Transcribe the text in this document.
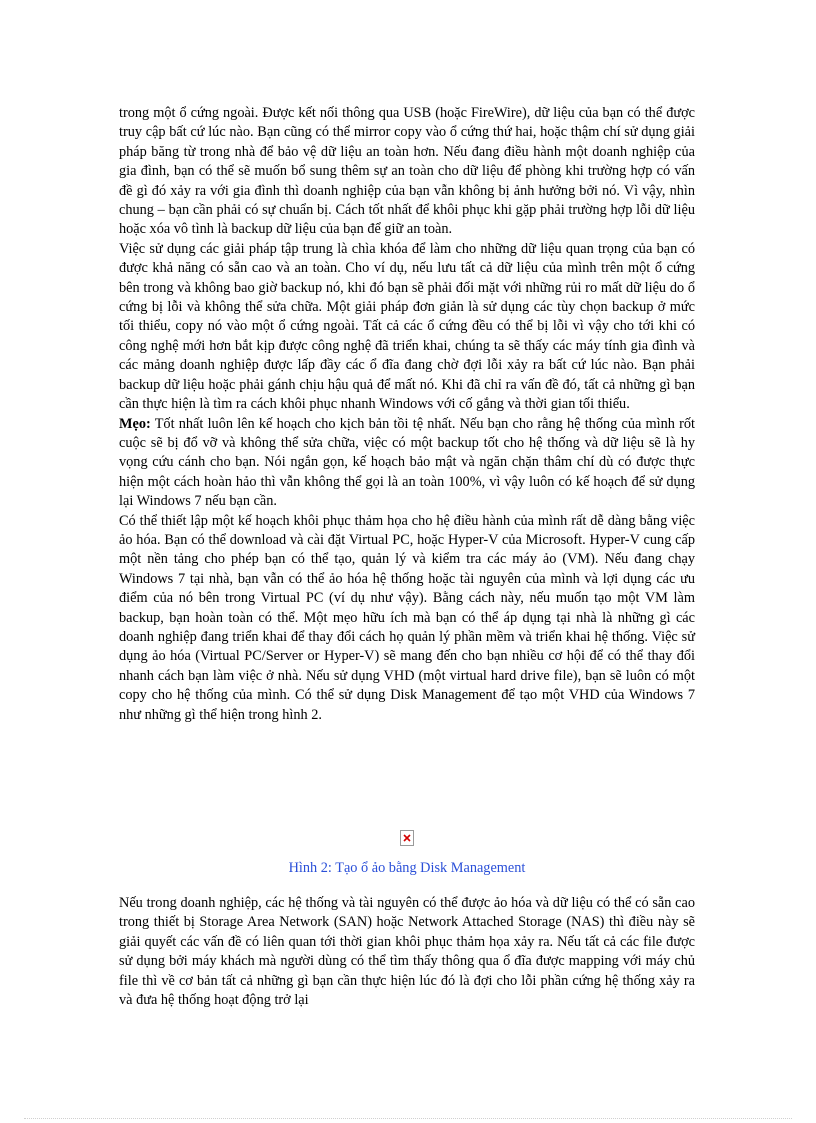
trong một ổ cứng ngoài. Được kết nối thông qua USB (hoặc FireWire), dữ liệu của bạn có thể được truy cập bất cứ lúc nào. Bạn cũng có thể mirror copy vào ổ cứng thứ hai, hoặc thậm chí sử dụng giải pháp băng từ trong nhà để bảo vệ dữ liệu an toàn hơn. Nếu đang điều hành một doanh nghiệp của gia đình, bạn có thể sẽ muốn bổ sung thêm sự an toàn cho dữ liệu để phòng khi trường hợp có vấn đề gì đó xảy ra với gia đình thì doanh nghiệp của bạn vẫn không bị ảnh hưởng bởi nó. Vì vậy, nhìn chung – bạn cần phải có sự chuẩn bị. Cách tốt nhất để khôi phục khi gặp phải trường hợp lỗi dữ liệu hoặc xóa vô tình là backup dữ liệu của bạn để giữ an toàn.

Việc sử dụng các giải pháp tập trung là chìa khóa để làm cho những dữ liệu quan trọng của bạn có được khả năng có sẵn cao và an toàn. Cho ví dụ, nếu lưu tất cả dữ liệu của mình trên một ổ cứng bên trong và không bao giờ backup nó, khi đó bạn sẽ phải đối mặt với những rủi ro mất dữ liệu do ổ cứng bị lỗi và không thể sửa chữa. Một giải pháp đơn giản là sử dụng các tùy chọn backup ở mức tối thiểu, copy nó vào một ổ cứng ngoài. Tất cả các ổ cứng đều có thể bị lỗi vì vậy cho tới khi có công nghệ mới hơn bắt kịp được công nghệ đã triển khai, chúng ta sẽ thấy các máy tính gia đình và các mảng doanh nghiệp được lấp đầy các ổ đĩa đang chờ đợi lỗi xảy ra bất cứ lúc nào. Bạn phải backup dữ liệu hoặc phải gánh chịu hậu quả để mất nó. Khi đã chỉ ra vấn đề đó, tất cả những gì bạn cần thực hiện là tìm ra cách khôi phục nhanh Windows với cố gắng và thời gian tối thiểu.

Mẹo: Tốt nhất luôn lên kế hoạch cho kịch bản tồi tệ nhất. Nếu bạn cho rằng hệ thống của mình rốt cuộc sẽ bị đổ vỡ và không thể sửa chữa, việc có một backup tốt cho hệ thống và dữ liệu sẽ là hy vọng cứu cánh cho bạn. Nói ngắn gọn, kế hoạch bảo mật và ngăn chặn thâm chí dù có được thực hiện một cách hoàn hảo thì vẫn không thể gọi là an toàn 100%, vì vậy luôn có kế hoạch để sử dụng lại Windows 7 nếu bạn cần.

Có thể thiết lập một kế hoạch khôi phục thảm họa cho hệ điều hành của mình rất dễ dàng bằng việc ảo hóa. Bạn có thể download và cài đặt Virtual PC, hoặc Hyper-V của Microsoft. Hyper-V cung cấp một nền tảng cho phép bạn có thể tạo, quản lý và kiểm tra các máy ảo (VM). Nếu đang chạy Windows 7 tại nhà, bạn vẫn có thể ảo hóa hệ thống hoặc tài nguyên của mình và lợi dụng các ưu điểm của nó bên trong Virtual PC (ví dụ như vậy). Bằng cách này, nếu muốn tạo một VM làm backup, bạn hoàn toàn có thể. Một mẹo hữu ích mà bạn có thể áp dụng tại nhà là những gì các doanh nghiệp đang triển khai để thay đổi cách họ quản lý phần mềm và triển khai hệ thống. Việc sử dụng ảo hóa (Virtual PC/Server or Hyper-V) sẽ mang đến cho bạn nhiều cơ hội để có thể thay đổi nhanh cách bạn làm việc ở nhà. Nếu sử dụng VHD (một virtual hard drive file), bạn sẽ luôn có một copy cho hệ thống của mình. Có thể sử dụng Disk Management để tạo một VHD của Windows 7 như những gì thể hiện trong hình 2.

Hình 2: Tạo ổ ảo bằng Disk Management

Nếu trong doanh nghiệp, các hệ thống và tài nguyên có thể được ảo hóa và dữ liệu có thể có sẵn cao trong thiết bị Storage Area Network (SAN) hoặc Network Attached Storage (NAS) thì điều này sẽ giải quyết các vấn đề có liên quan tới thời gian khôi phục thảm họa xảy ra. Nếu tất cả các file được sử dụng bởi máy khách mà người dùng có thể tìm thấy thông qua ổ đĩa được mapping với máy chủ file thì về cơ bản tất cả những gì bạn cần thực hiện lúc đó là đợi cho lỗi phần cứng hệ thống xảy ra và đưa hệ thống hoạt động trở lại
